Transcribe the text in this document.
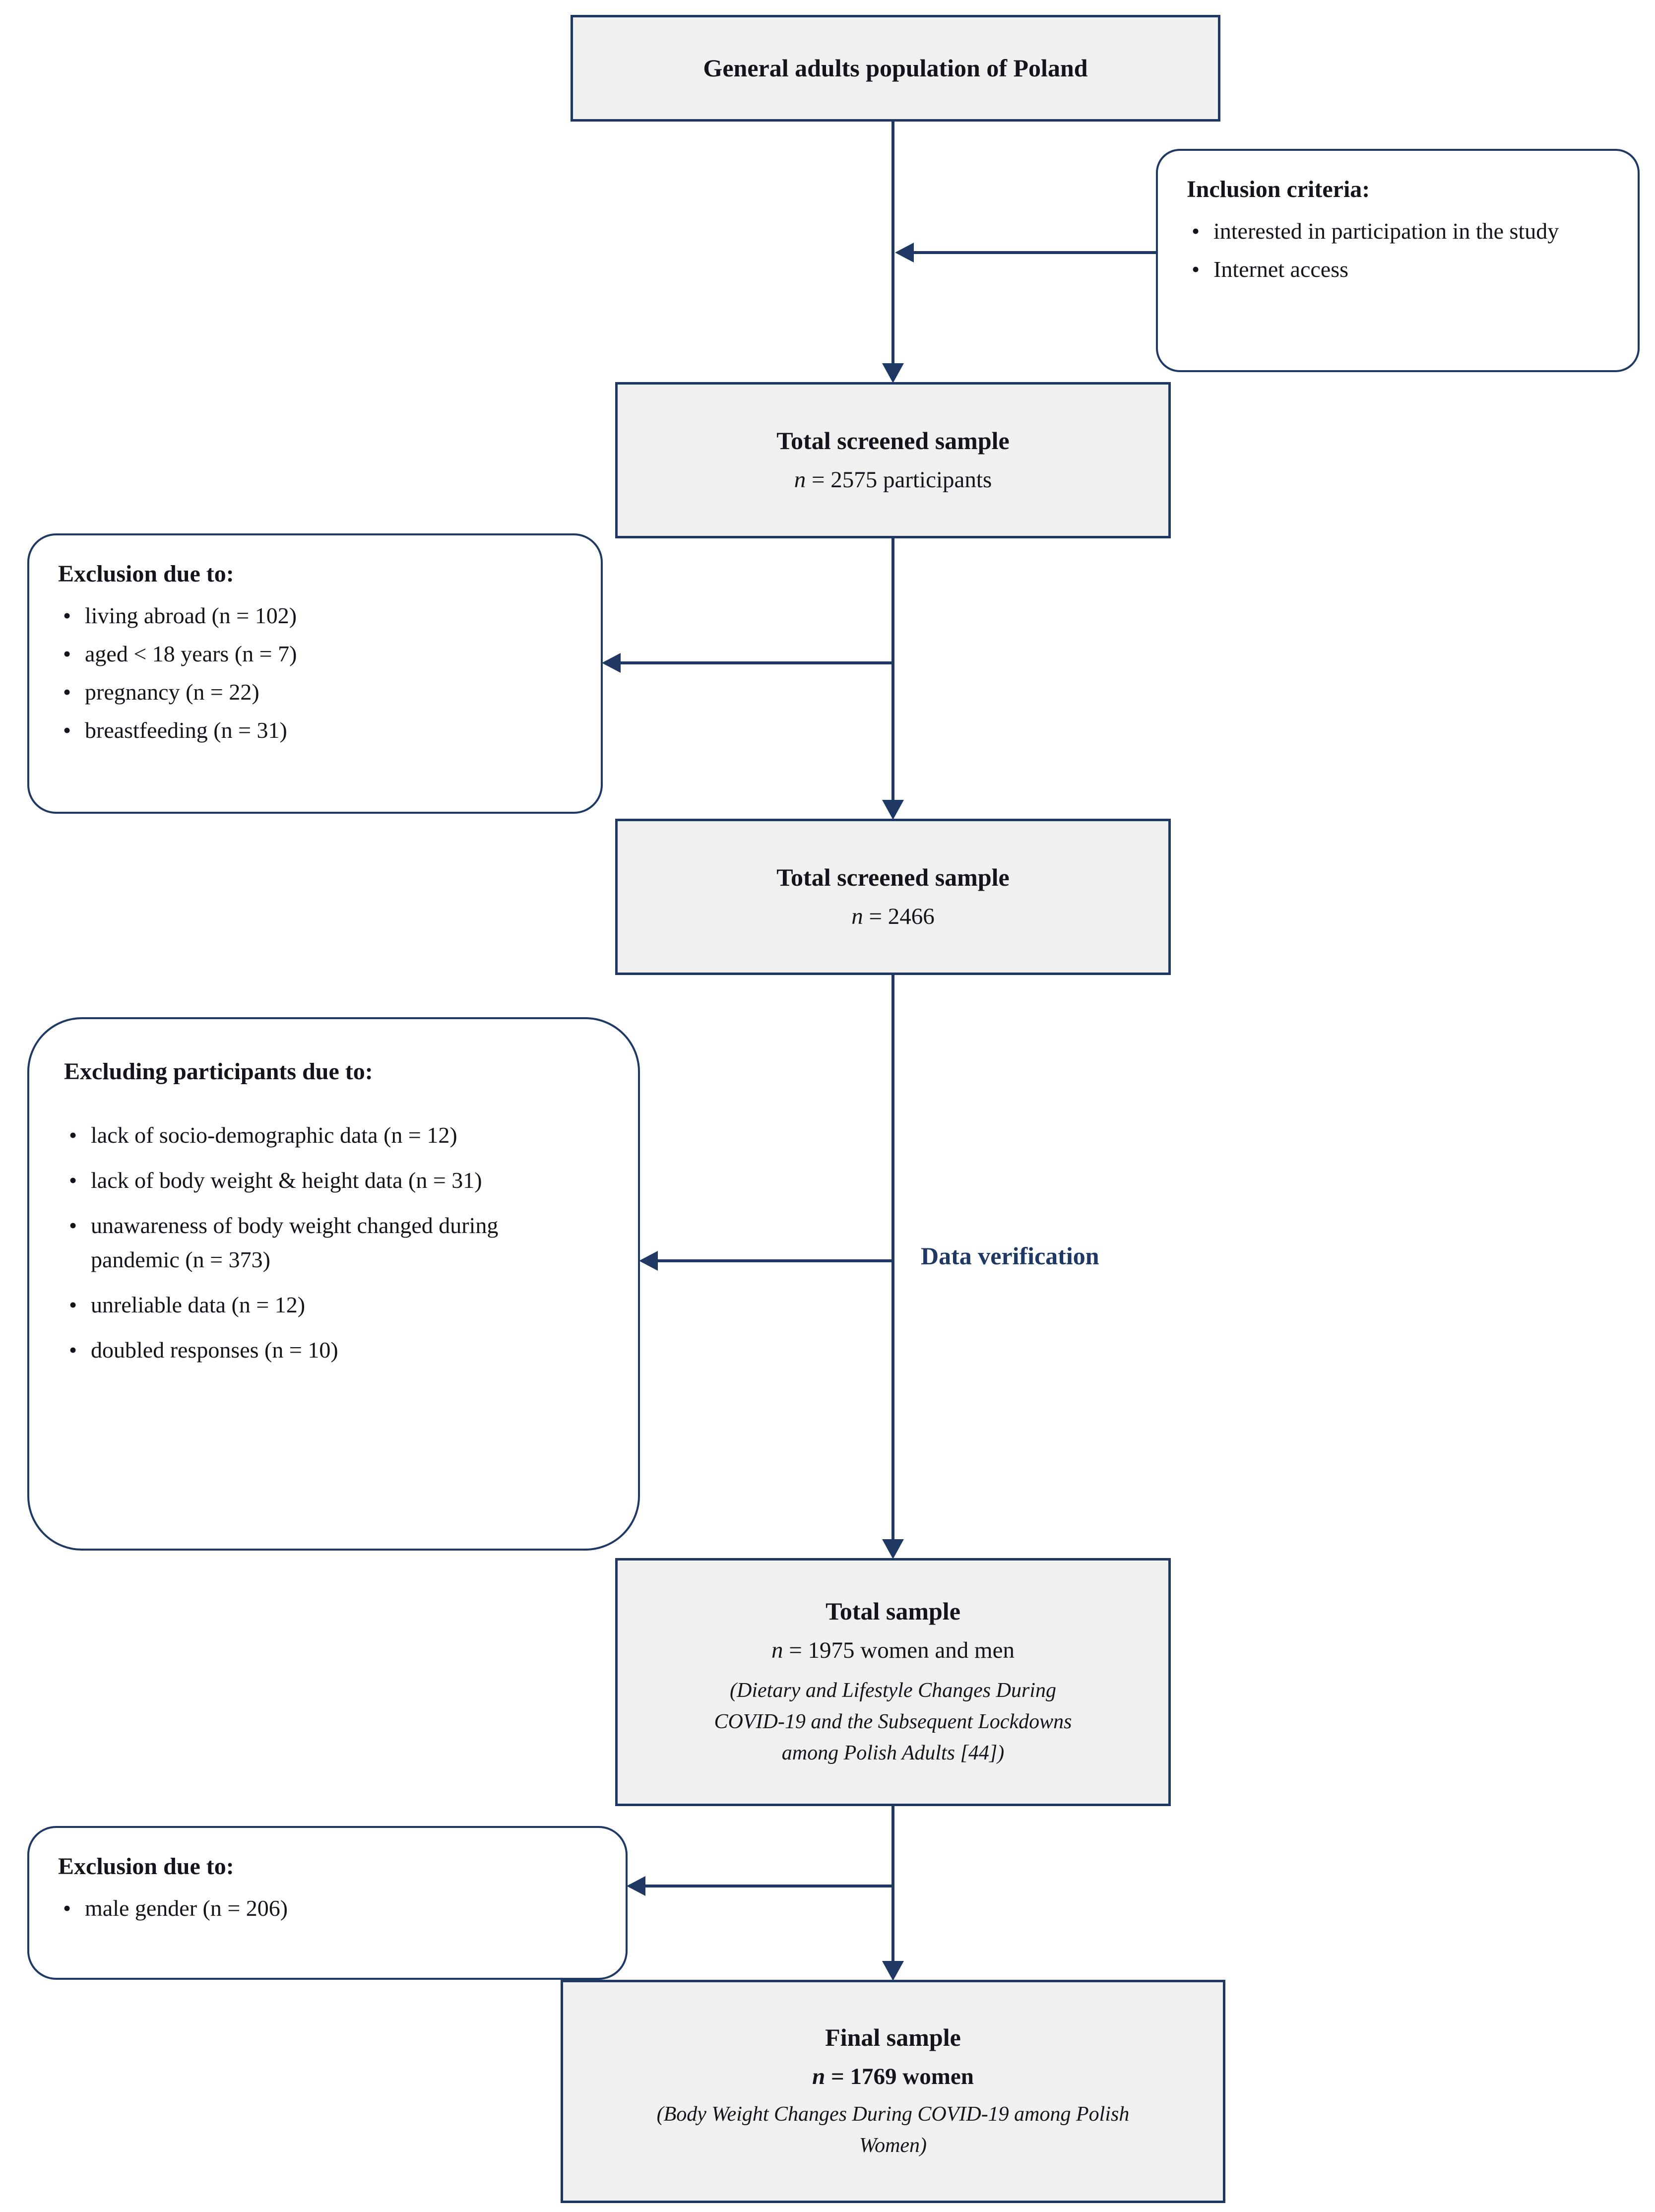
Data verification
General adults population of Poland
Inclusion criteria:
• interested in participation in the study
• Internet access
Total screened sample
n = 2575 participants
Exclusion due to:
• living abroad (n = 102)
• aged < 18 years (n = 7)
• pregnancy (n = 22)
• breastfeeding (n = 31)
Total screened sample
n = 2466
Excluding participants due to:
• lack of socio-demographic data (n = 12)
• lack of body weight & height data (n = 31)
• unawareness of body weight changed during pandemic (n = 373)
• unreliable data (n = 12)
• doubled responses (n = 10)
Total sample
n = 1975 women and men
(Dietary and Lifestyle Changes During COVID-19 and the Subsequent Lockdowns among Polish Adults [44])
Exclusion due to:
• male gender (n = 206)
Final sample
n = 1769 women
(Body Weight Changes During COVID-19 among Polish Women)
